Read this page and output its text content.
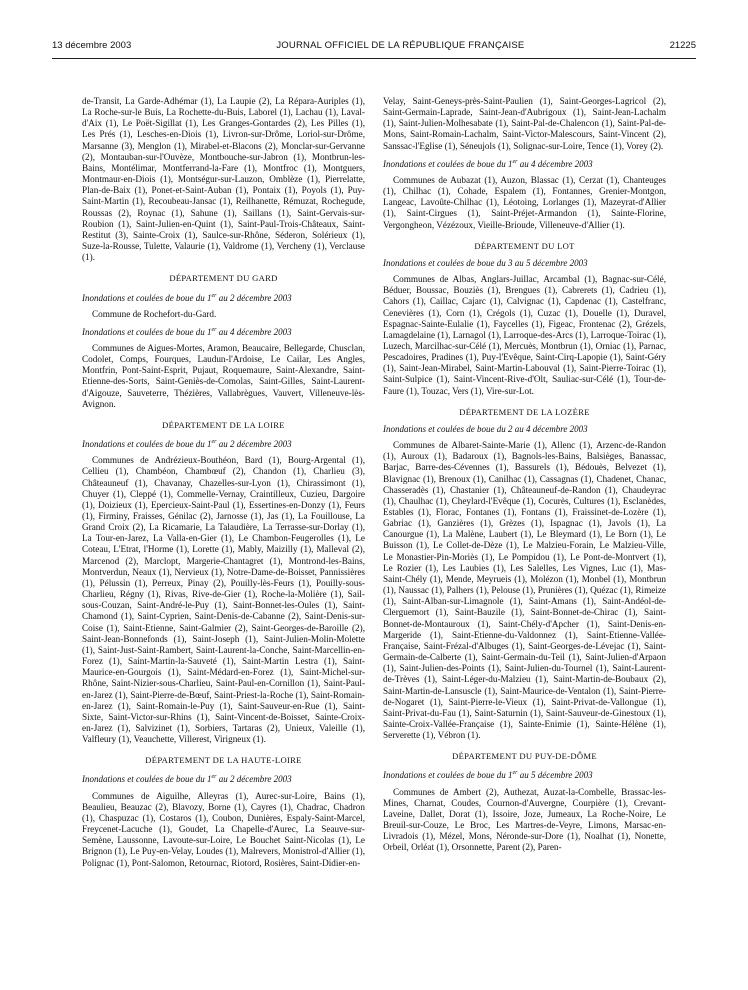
13 décembre 2003	JOURNAL OFFICIEL DE LA RÉPUBLIQUE FRANÇAISE	21225

de-Transit, La Garde-Adhémar (1), La Laupie (2), La Répara-Auriples (1), La Roche-sur-le Buis, La Rochette-du-Buis, Laborel (1), Lachau (1), Laval-d'Aix (1), Le Poët-Sigillat (1), Les Granges-Gontardes (2), Les Pilles (1), Les Prés (1), Lesches-en-Diois (1), Livron-sur-Drôme, Loriol-sur-Drôme, Marsanne (3), Menglon (1), Mirabel-et-Blacons (2), Monclar-sur-Gervanne (2), Montauban-sur-l'Ouvèze, Montbouche-sur-Jabron (1), Montbrun-les-Bains, Montélimar, Montferrand-la-Fare (1), Montfroc (1), Montguers, Montmaur-en-Diois (1), Montségur-sur-Lauzon, Omblèze (1), Pierrelatte, Plan-de-Baix (1), Ponet-et-Saint-Auban (1), Pontaix (1), Poyols (1), Puy-Saint-Martin (1), Recoubeau-Jansac (1), Reilhanette, Rémuzat, Rochegude, Roussas (2), Roynac (1), Sahune (1), Saillans (1), Saint-Gervais-sur-Roubion (1), Saint-Julien-en-Quint (1), Saint-Paul-Trois-Châteaux, Saint-Restitut (3), Sainte-Croix (1), Saulce-sur-Rhône, Séderon, Solérieux (1), Suze-la-Rousse, Tulette, Valaurie (1), Valdrome (1), Vercheny (1), Verclause (1).

DÉPARTEMENT DU GARD
Inondations et coulées de boue du 1er au 2 décembre 2003

Commune de Rochefort-du-Gard.

Inondations et coulées de boue du 1er au 4 décembre 2003

Communes de Aigues-Mortes, Aramon, Beaucaire, Bellegarde, Chusclan, Codolet, Comps, Fourques, Laudun-l'Ardoise, Le Cailar, Les Angles, Montfrin, Pont-Saint-Esprit, Pujaut, Roquemaure, Saint-Alexandre, Saint-Etienne-des-Sorts, Saint-Geniès-de-Comolas, Saint-Gilles, Saint-Laurent-d'Aigouze, Sauveterre, Thézières, Vallabrègues, Vauvert, Villeneuve-lès-Avignon.

DÉPARTEMENT DE LA LOIRE
Inondations et coulées de boue du 1er au 2 décembre 2003

Communes de Andrézieux-Bouthéon, Bard (1), Bourg-Argental (1), Cellieu (1), Chambéon, Chambœuf (2), Chandon (1), Charlieu (3), Châteauneuf (1), Chavanay, Chazelles-sur-Lyon (1), Chirassimont (1), Chuyer (1), Cleppé (1), Commelle-Vernay, Craintilleux, Cuzieu, Dargoire (1), Doizieux (1), Epercieux-Saint-Paul (1), Essertines-en-Donzy (1), Feurs (1), Firminy, Fraisses, Génilac (2), Jarnosse (1), Jas (1), La Fouillouse, La Grand Croix (2), La Ricamarie, La Talaudière, La Terrasse-sur-Dorlay (1), La Tour-en-Jarez, La Valla-en-Gier (1), Le Chambon-Feugerolles (1), Le Coteau, L'Etrat, l'Horme (1), Lorette (1), Mably, Maizilly (1), Malleval (2), Marcenod (2), Marclopt, Margerie-Chantagret (1), Montrond-les-Bains, Montverdun, Neaux (1), Nervieux (1), Notre-Dame-de-Boisset, Pannissières (1), Pélussin (1), Perreux, Pinay (2), Pouilly-lès-Feurs (1), Pouilly-sous-Charlieu, Régny (1), Rivas, Rive-de-Gier (1), Roche-la-Molière (1), Sail-sous-Couzan, Saint-André-le-Puy (1), Saint-Bonnet-les-Oules (1), Saint-Chamond (1), Saint-Cyprien, Saint-Denis-de-Cabanne (2), Saint-Denis-sur-Coise (1), Saint-Etienne, Saint-Galmier (2), Saint-Georges-de-Baroille (2), Saint-Jean-Bonnefonds (1), Saint-Joseph (1), Saint-Julien-Molin-Molette (1), Saint-Just-Saint-Rambert, Saint-Laurent-la-Conche, Saint-Marcellin-en-Forez (1), Saint-Martin-la-Sauveté (1), Saint-Martin Lestra (1), Saint-Maurice-en-Gourgois (1), Saint-Médard-en-Forez (1), Saint-Michel-sur-Rhône, Saint-Nizier-sous-Charlieu, Saint-Paul-en-Cornillon (1), Saint-Paul-en-Jarez (1), Saint-Pierre-de-Bœuf, Saint-Priest-la-Roche (1), Saint-Romain-en-Jarez (1), Saint-Romain-le-Puy (1), Saint-Sauveur-en-Rue (1), Saint-Sixte, Saint-Victor-sur-Rhins (1), Saint-Vincent-de-Boisset, Sainte-Croix-en-Jarez (1), Salvizinet (1), Sorbiers, Tartaras (2), Unieux, Valeille (1), Valfleury (1), Veauchette, Villerest, Virigneux (1).

DÉPARTEMENT DE LA HAUTE-LOIRE
Inondations et coulées de boue du 1er au 2 décembre 2003

Communes de Aiguilhe, Alleyras (1), Aurec-sur-Loire, Bains (1), Beaulieu, Beauzac (2), Blavozy, Borne (1), Cayres (1), Chadrac, Chadron (1), Chaspuzac (1), Costaros (1), Coubon, Dunières, Espaly-Saint-Marcel, Freycenet-Lacuche (1), Goudet, La Chapelle-d'Aurec, La Seauve-sur-Semène, Laussonne, Lavoute-sur-Loire, Le Bouchet Saint-Nicolas (1), Le Brignon (1), Le Puy-en-Velay, Loudes (1), Malrevers, Monistrol-d'Allier (1), Polignac (1), Pont-Salomon, Retournac, Riotord, Rosières, Saint-Didier-en-

Velay, Saint-Geneys-près-Saint-Paulien (1), Saint-Georges-Lagricol (2), Saint-Germain-Laprade, Saint-Jean-d'Aubrigoux (1), Saint-Jean-Lachalm (1), Saint-Julien-Molhesabate (1), Saint-Pal-de-Chalencon (1), Saint-Pal-de-Mons, Saint-Romain-Lachalm, Saint-Victor-Malescours, Saint-Vincent (2), Sanssac-l'Eglise (1), Séneujols (1), Solignac-sur-Loire, Tence (1), Vorey (2).

Inondations et coulées de boue du 1er au 4 décembre 2003

Communes de Aubazat (1), Auzon, Blassac (1), Cerzat (1), Chanteuges (1), Chilhac (1), Cohade, Espalem (1), Fontannes, Grenier-Montgon, Langeac, Lavoûte-Chilhac (1), Léotoing, Lorlanges (1), Mazeyrat-d'Allier (1), Saint-Cirgues (1), Saint-Préjet-Armandon (1), Sainte-Florine, Vergongheon, Vézézoux, Vieille-Brioude, Villeneuve-d'Allier (1).

DÉPARTEMENT DU LOT
Inondations et coulées de boue du 3 au 5 décembre 2003

Communes de Albas, Anglars-Juillac, Arcambal (1), Bagnac-sur-Célé, Béduer, Boussac, Bouziès (1), Brengues (1), Cabrerets (1), Cadrieu (1), Cahors (1), Caillac, Cajarc (1), Calvignac (1), Capdenac (1), Castelfranc, Cenevières (1), Corn (1), Crégols (1), Cuzac (1), Douelle (1), Duravel, Espagnac-Sainte-Eulalie (1), Faycelles (1), Figeac, Frontenac (2), Grézels, Lamagdelaine (1), Larnagol (1), Larroque-des-Arcs (1), Larroque-Toirac (1), Luzech, Marcilhac-sur-Célé (1), Mercuès, Montbrun (1), Orniac (1), Parnac, Pescadoires, Pradines (1), Puy-l'Evêque, Saint-Cirq-Lapopie (1), Saint-Géry (1), Saint-Jean-Mirabel, Saint-Martin-Labouval (1), Saint-Pierre-Toirac (1), Saint-Sulpice (1), Saint-Vincent-Rive-d'Olt, Sauliac-sur-Célé (1), Tour-de-Faure (1), Touzac, Vers (1), Vire-sur-Lot.

DÉPARTEMENT DE LA LOZÈRE
Inondations et coulées de boue du 2 au 4 décembre 2003

Communes de Albaret-Sainte-Marie (1), Allenc (1), Arzenc-de-Randon (1), Auroux (1), Badaroux (1), Bagnols-les-Bains, Balsièges, Banassac, Barjac, Barre-des-Cévennes (1), Bassurels (1), Bédouès, Belvezet (1), Blavignac (1), Brenoux (1), Canilhac (1), Cassagnas (1), Chadenet, Chanac, Chasseradès (1), Chastanier (1), Châteauneuf-de-Randon (1), Chaudeyrac (1), Chaulhac (1), Cheylard-l'Evêque (1), Cocurès, Cultures (1), Esclanèdes, Estables (1), Florac, Fontanes (1), Fontans (1), Fraissinet-de-Lozère (1), Gabriac (1), Ganzières (1), Grèzes (1), Ispagnac (1), Javols (1), La Canourgue (1), La Malène, Laubert (1), Le Bleymard (1), Le Born (1), Le Buisson (1), Le Collet-de-Dèze (1), Le Malzieu-Forain, Le Malzieu-Ville, Le Monastier-Pin-Moriès (1), Le Pompidou (1), Le Pont-de-Montvert (1), Le Rozier (1), Les Laubies (1), Les Salelles, Les Vignes, Luc (1), Mas-Saint-Chély (1), Mende, Meyrueis (1), Molézon (1), Monbel (1), Montbrun (1), Naussac (1), Palhers (1), Pelouse (1), Prunières (1), Quézac (1), Rimeize (1), Saint-Alban-sur-Limagnole (1), Saint-Amans (1), Saint-Andéol-de-Clerguemort (1), Saint-Bauzile (1), Saint-Bonnet-de-Chirac (1), Saint-Bonnet-de-Montauroux (1), Saint-Chély-d'Apcher (1), Saint-Denis-en-Margeride (1), Saint-Etienne-du-Valdonnez (1), Saint-Etienne-Vallée-Française, Saint-Frézal-d'Albuges (1), Saint-Georges-de-Lévejac (1), Saint-Germain-de-Calberte (1), Saint-Germain-du-Teil (1), Saint-Julien-d'Arpaon (1), Saint-Julien-des-Points (1), Saint-Julien-du-Tournel (1), Saint-Laurent-de-Trèves (1), Saint-Léger-du-Malzieu (1), Saint-Martin-de-Boubaux (2), Saint-Martin-de-Lansuscle (1), Saint-Maurice-de-Ventalon (1), Saint-Pierre-de-Nogaret (1), Saint-Pierre-le-Vieux (1), Saint-Privat-de-Vallongue (1), Saint-Privat-du-Fau (1), Saint-Saturnin (1), Saint-Sauveur-de-Ginestoux (1), Sainte-Croix-Vallée-Française (1), Sainte-Enimie (1), Sainte-Hélène (1), Serverette (1), Vébron (1).

DÉPARTEMENT DU PUY-DE-DÔME
Inondations et coulées de boue du 1er au 5 décembre 2003

Communes de Ambert (2), Authezat, Auzat-la-Combelle, Brassac-les-Mines, Charnat, Coudes, Cournon-d'Auvergne, Courpière (1), Crevant-Laveine, Dallet, Dorat (1), Issoire, Joze, Jumeaux, La Roche-Noire, Le Breuil-sur-Couze, Le Broc, Les Martres-de-Veyre, Limons, Marsac-en-Livradois (1), Mézel, Mons, Néronde-sur-Dore (1), Noalhat (1), Nonette, Orbeil, Orléat (1), Orsonnette, Parent (2), Paren-
